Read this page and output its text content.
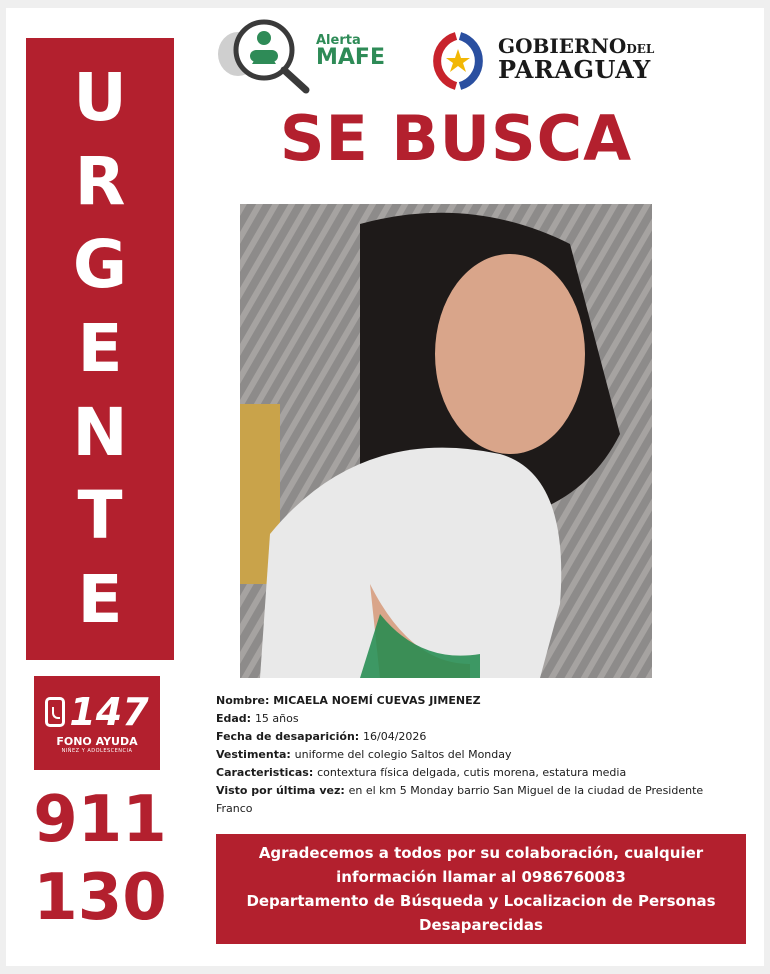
U
R
G
E
N
T
E
147
FONO AYUDA
NIÑEZ Y ADOLESCENCIA
911
130
Alerta
MAFE	GOBIERNODEL
PARAGUAY
SE BUSCA
Nombre: MICAELA NOEMÍ CUEVAS JIMENEZ
Edad: 15 años
Fecha de desaparición: 16/04/2026
Vestimenta: uniforme del colegio Saltos del Monday
Caracteristicas: contextura física delgada, cutis morena, estatura media
Visto por última vez: en el km 5 Monday barrio San Miguel de la ciudad de Presidente Franco
Agradecemos a todos por su colaboración, cualquier
información llamar al 0986760083
Departamento de Búsqueda y Localizacion de Personas
Desaparecidas
